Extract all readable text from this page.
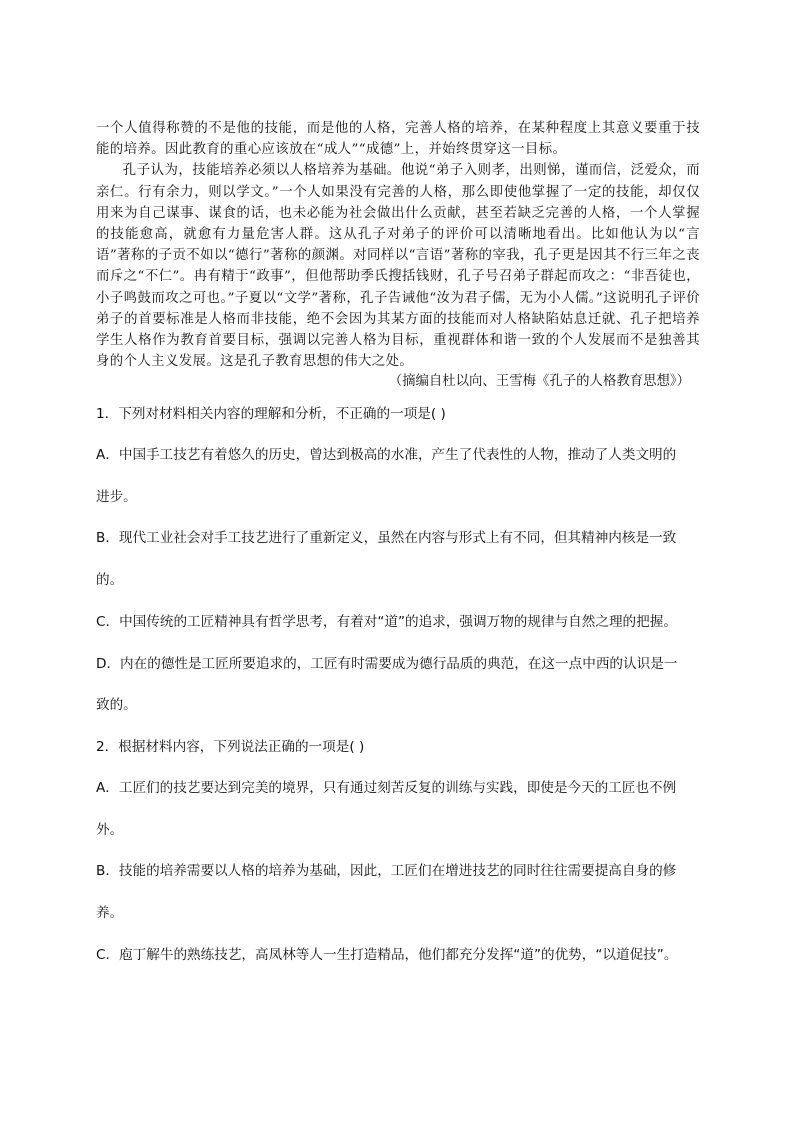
一个人值得称赞的不是他的技能，而是他的人格，完善人格的培养，在某种程度上其意义要重于技能的培养。因此教育的重心应该放在“成人”“成德”上，并始终贯穿这一目标。

孔子认为，技能培养必须以人格培养为基础。他说“弟子入则孝，出则悌，谨而信，泛爱众，而亲仁。行有余力，则以学文。”一个人如果没有完善的人格，那么即使他掌握了一定的技能，却仅仅用来为自己谋事、谋食的话，也未必能为社会做出什么贡献，甚至若缺乏完善的人格，一个人掌握的技能愈高，就愈有力量危害人群。这从孔子对弟子的评价可以清晰地看出。比如他认为以“言语”著称的子贡不如以“德行”著称的颜渊。对同样以“言语”著称的宰我，孔子更是因其不行三年之丧而斥之“不仁”。冉有精于“政事”，但他帮助季氏搜括钱财，孔子号召弟子群起而攻之：“非吾徒也，小子鸣鼓而攻之可也。”子夏以“文学”著称，孔子告诫他“汝为君子儒，无为小人儒。”这说明孔子评价弟子的首要标准是人格而非技能，绝不会因为其某方面的技能而对人格缺陷姑息迁就、孔子把培养学生人格作为教育首要目标，强调以完善人格为目标，重视群体和谐一致的个人发展而不是独善其身的个人主义发展。这是孔子教育思想的伟大之处。

（摘编自杜以向、王雪梅《孔子的人格教育思想》）

1．下列对材料相关内容的理解和分析，不正确的一项是( )

A．中国手工技艺有着悠久的历史，曾达到极高的水准，产生了代表性的人物，推动了人类文明的

进步。

B．现代工业社会对手工技艺进行了重新定义，虽然在内容与形式上有不同，但其精神内核是一致

的。

C．中国传统的工匠精神具有哲学思考，有着对“道”的追求，强调万物的规律与自然之理的把握。

D．内在的德性是工匠所要追求的，工匠有时需要成为德行品质的典范，在这一点中西的认识是一

致的。

2．根据材料内容，下列说法正确的一项是( )

A．工匠们的技艺要达到完美的境界，只有通过刻苦反复的训练与实践，即使是今天的工匠也不例

外。

B．技能的培养需要以人格的培养为基础，因此，工匠们在增进技艺的同时往往需要提高自身的修

养。

C．庖丁解牛的熟练技艺，高凤林等人一生打造精品，他们都充分发挥“道”的优势，“以道促技”。
